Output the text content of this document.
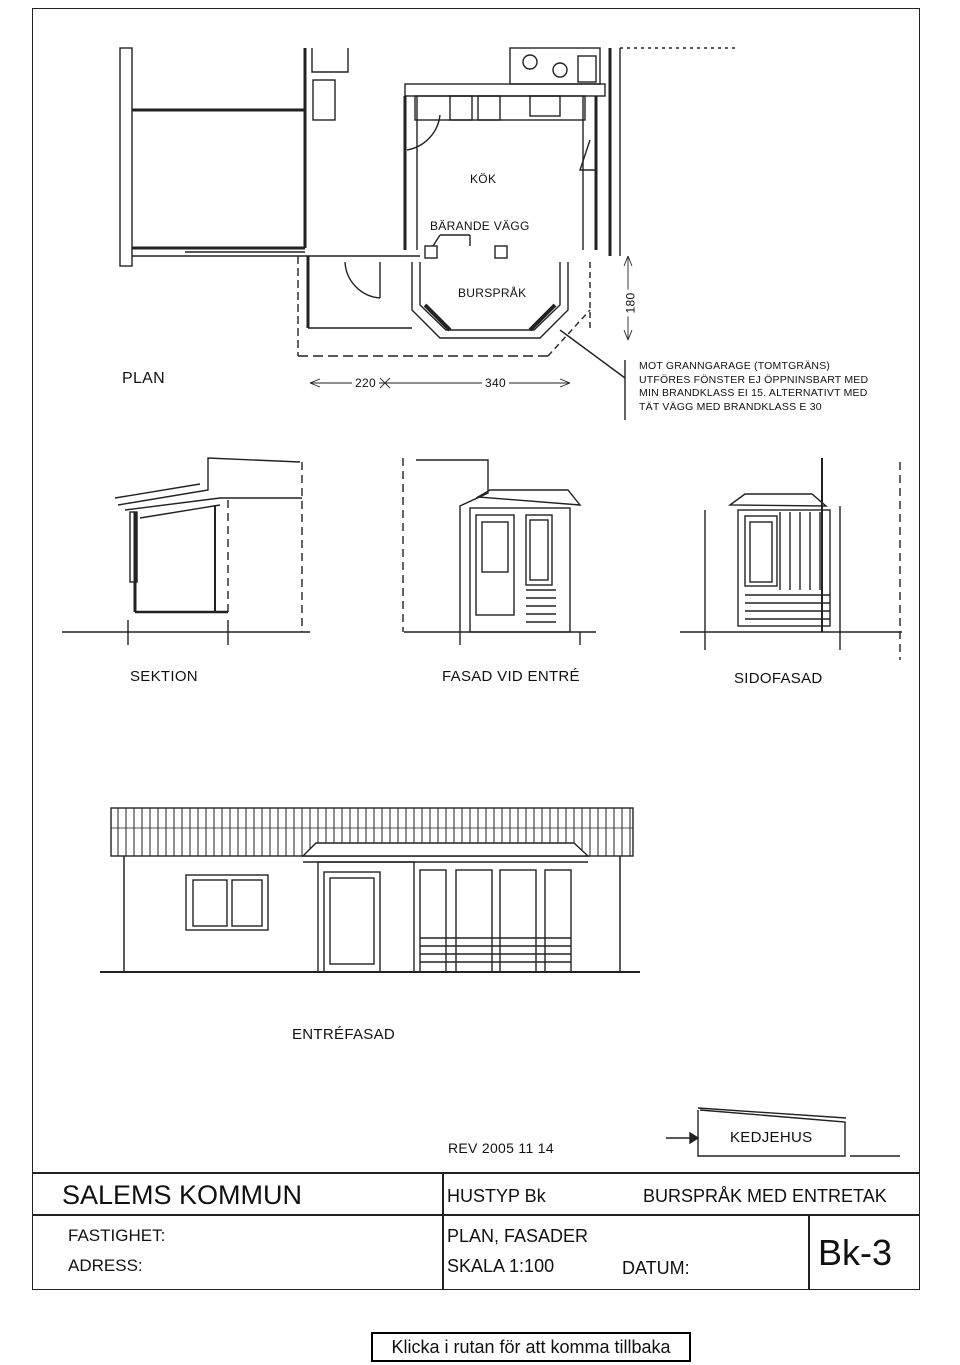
PLAN
KÖK
BÄRANDE VÄGG
BURSPRÅK
220	340
180
MOT GRANNGARAGE (TOMTGRÄNS)
UTFÖRES FÖNSTER EJ ÖPPNINSBART MED
MIN BRANDKLASS EI 15. ALTERNATIVT MED
TÄT VÄGG MED BRANDKLASS E 30
SEKTION	FASAD VID ENTRÉ	SIDOFASAD
ENTRÉFASAD
REV 2005 11 14
KEDJEHUS
SALEMS KOMMUN
FASTIGHET:
ADRESS:
HUSTYP Bk	BURSPRÅK MED ENTRETAK
PLAN, FASADER
SKALA 1:100	DATUM:	Bk-3
Klicka i rutan för att komma tillbaka
